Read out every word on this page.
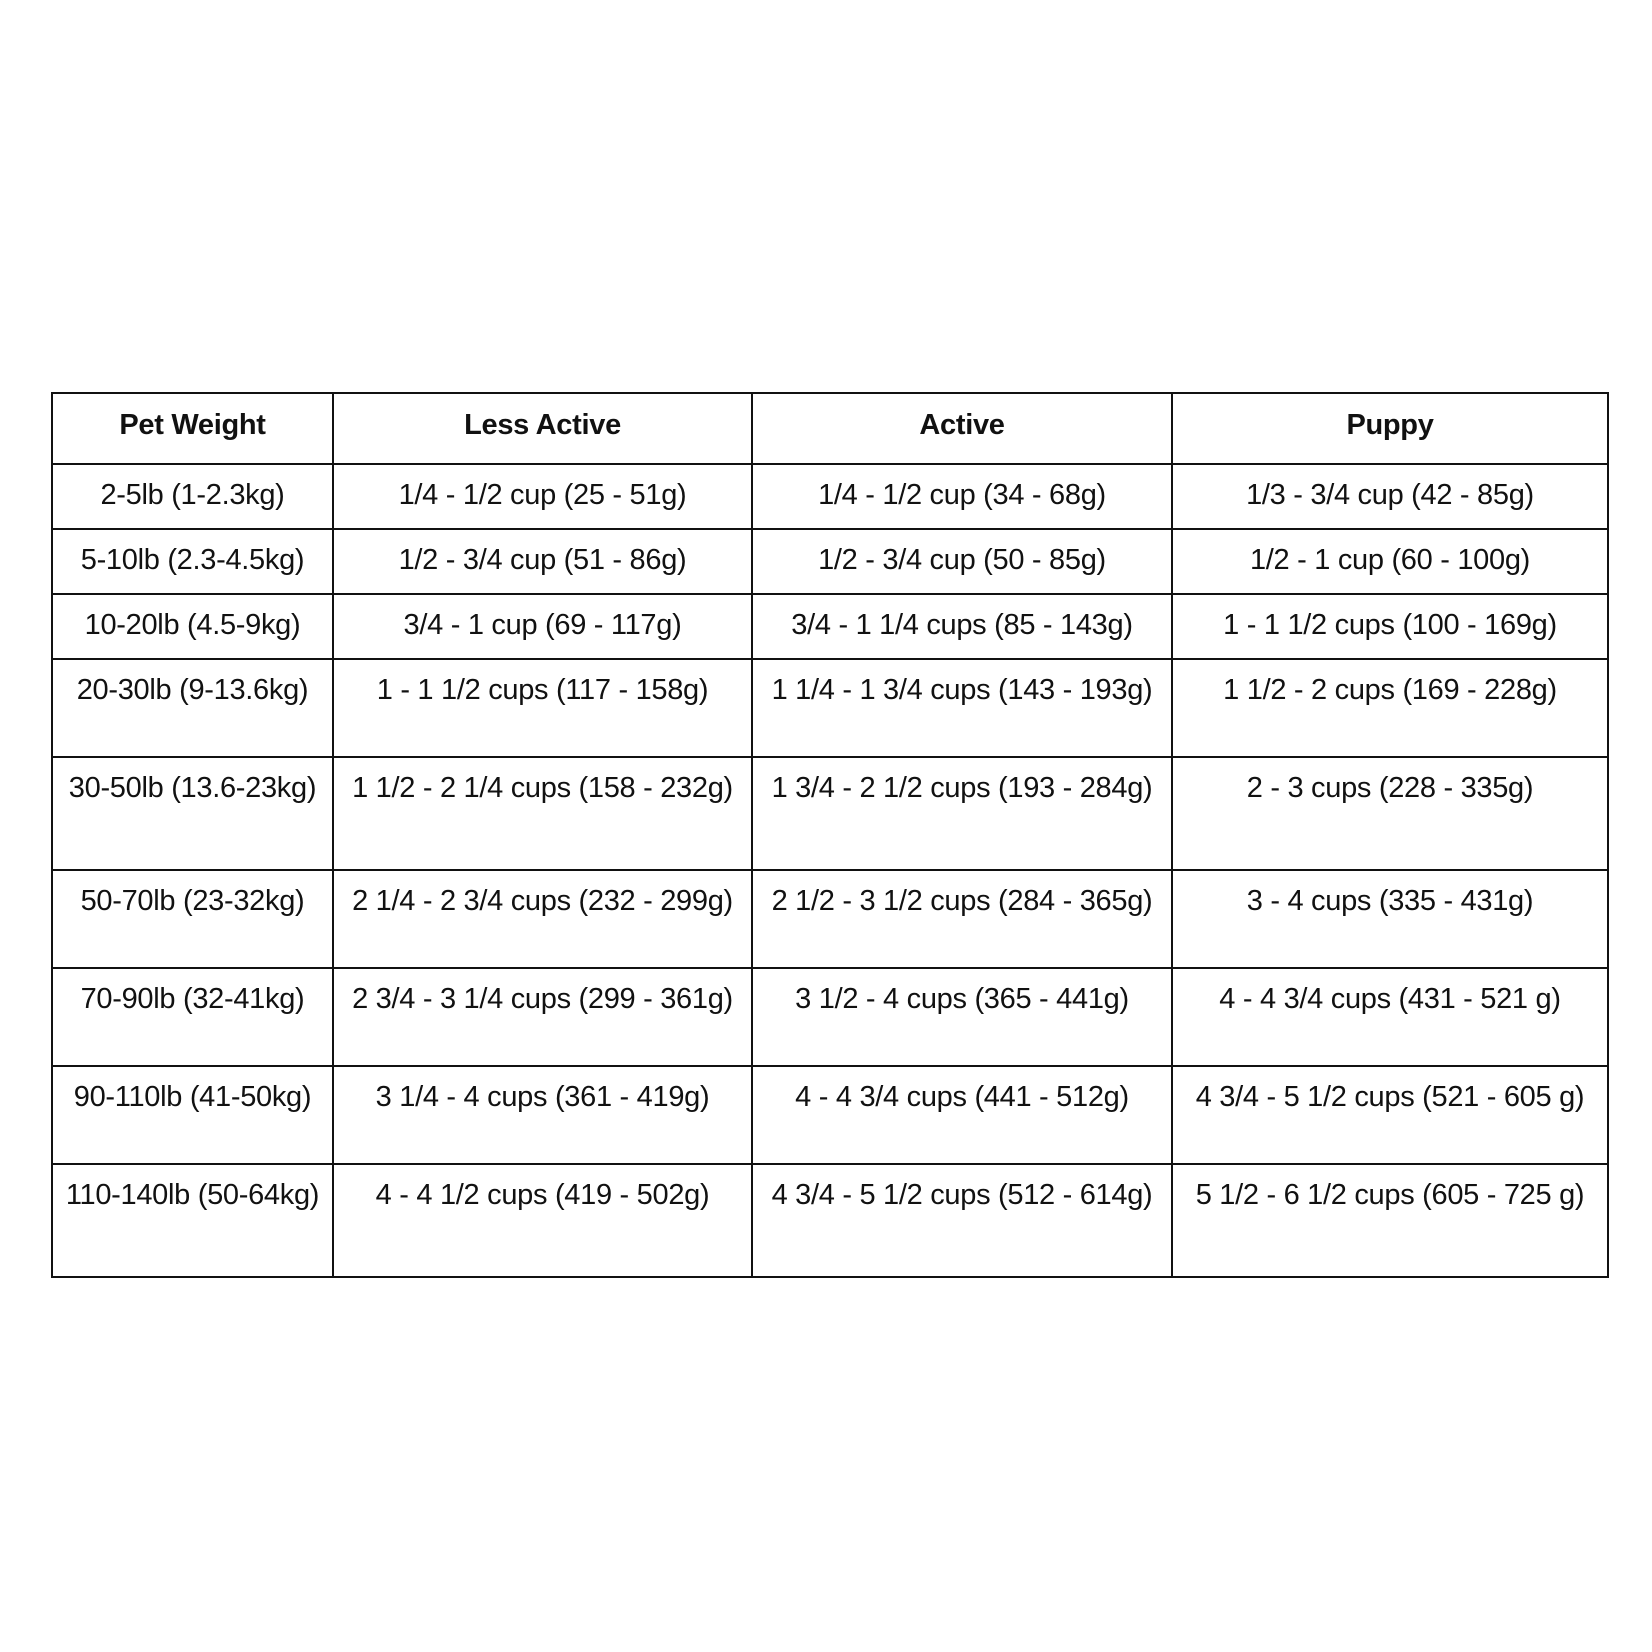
Pet Weight	Less Active	Active	Puppy
2-5lb (1-2.3kg)	1/4 - 1/2 cup (25 - 51g)	1/4 - 1/2 cup (34 - 68g)	1/3 - 3/4 cup (42 - 85g)
5-10lb (2.3-4.5kg)	1/2 - 3/4 cup (51 - 86g)	1/2 - 3/4 cup (50 - 85g)	1/2 - 1 cup (60 - 100g)
10-20lb (4.5-9kg)	3/4 - 1 cup (69 - 117g)	3/4 - 1 1/4 cups (85 - 143g)	1 - 1 1/2 cups (100 - 169g)
20-30lb (9-13.6kg)	1 - 1 1/2 cups (117 - 158g)	1 1/4 - 1 3/4 cups (143 - 193g)	1 1/2 - 2 cups (169 - 228g)
30-50lb (13.6-23kg)	1 1/2 - 2 1/4 cups (158 - 232g)	1 3/4 - 2 1/2 cups (193 - 284g)	2 - 3 cups (228 - 335g)
50-70lb (23-32kg)	2 1/4 - 2 3/4 cups (232 - 299g)	2 1/2 - 3 1/2 cups (284 - 365g)	3 - 4 cups (335 - 431g)
70-90lb (32-41kg)	2 3/4 - 3 1/4 cups (299 - 361g)	3 1/2 - 4 cups (365 - 441g)	4 - 4 3/4 cups (431 - 521 g)
90-110lb (41-50kg)	3 1/4 - 4 cups (361 - 419g)	4 - 4 3/4 cups (441 - 512g)	4 3/4 - 5 1/2 cups (521 - 605 g)
110-140lb (50-64kg)	4 - 4 1/2 cups (419 - 502g)	4 3/4 - 5 1/2 cups (512 - 614g)	5 1/2 - 6 1/2 cups (605 - 725 g)
